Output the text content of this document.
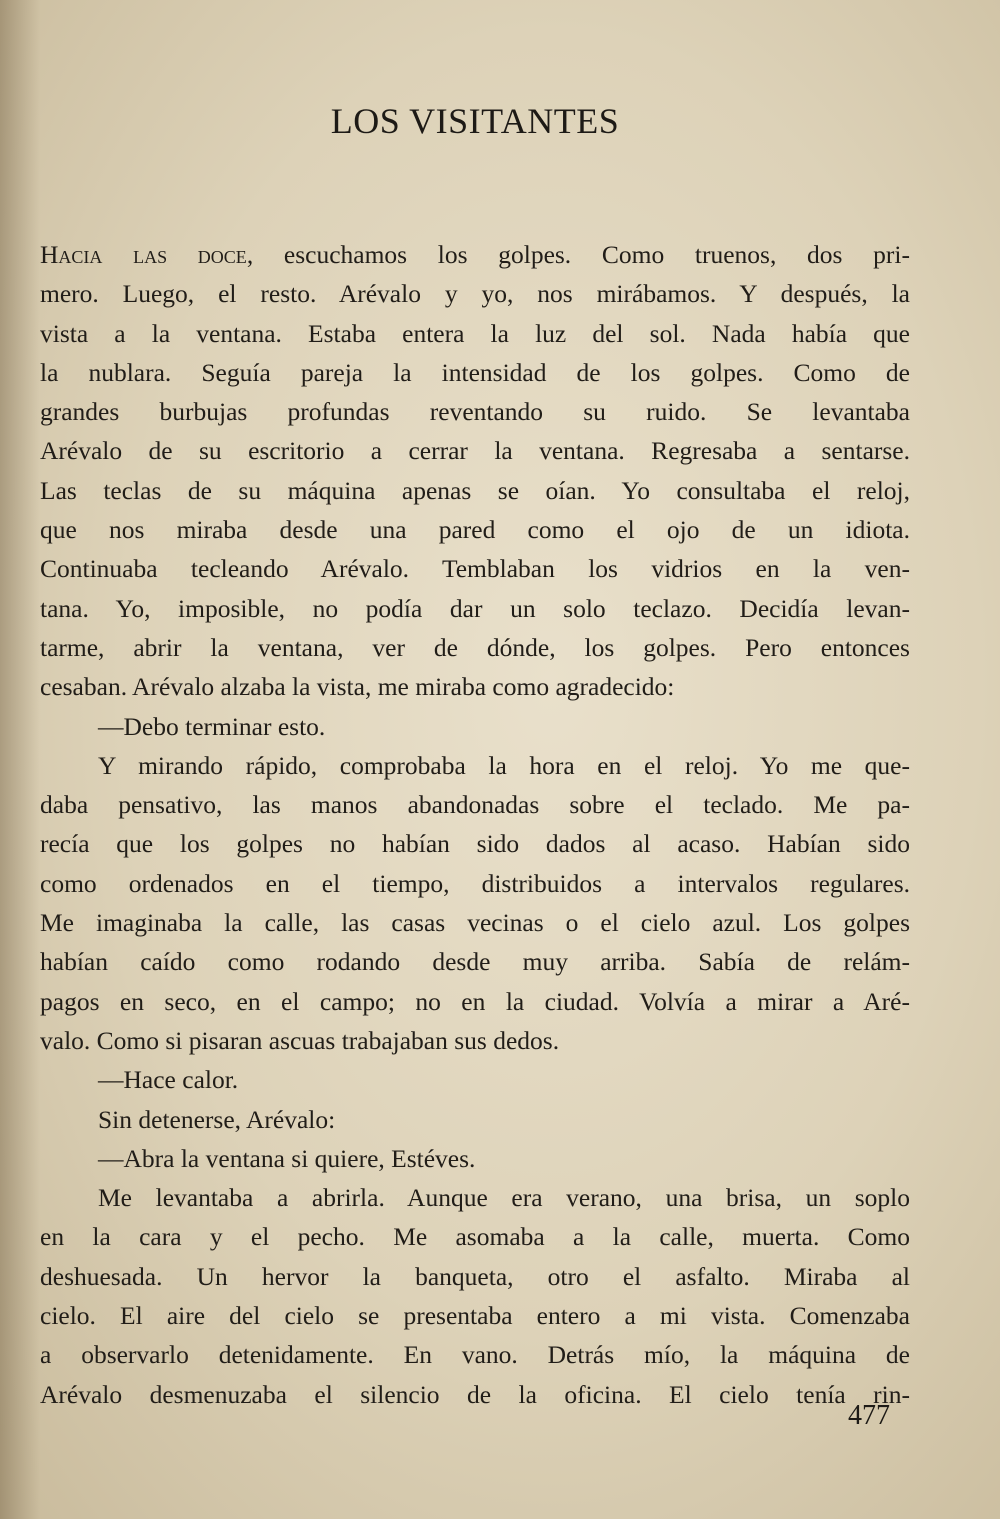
LOS VISITANTES
Hacia las doce, escuchamos los golpes. Como truenos, dos pri-
mero. Luego, el resto. Arévalo y yo, nos mirábamos. Y después, la
vista a la ventana. Estaba entera la luz del sol. Nada había que
la nublara. Seguía pareja la intensidad de los golpes. Como de
grandes burbujas profundas reventando su ruido. Se levantaba
Arévalo de su escritorio a cerrar la ventana. Regresaba a sentarse.
Las teclas de su máquina apenas se oían. Yo consultaba el reloj,
que nos miraba desde una pared como el ojo de un idiota.
Continuaba tecleando Arévalo. Temblaban los vidrios en la ven-
tana. Yo, imposible, no podía dar un solo teclazo. Decidía levan-
tarme, abrir la ventana, ver de dónde, los golpes. Pero entonces
cesaban. Arévalo alzaba la vista, me miraba como agradecido:
—Debo terminar esto.
Y mirando rápido, comprobaba la hora en el reloj. Yo me que-
daba pensativo, las manos abandonadas sobre el teclado. Me pa-
recía que los golpes no habían sido dados al acaso. Habían sido
como ordenados en el tiempo, distribuidos a intervalos regulares.
Me imaginaba la calle, las casas vecinas o el cielo azul. Los golpes
habían caído como rodando desde muy arriba. Sabía de relám-
pagos en seco, en el campo; no en la ciudad. Volvía a mirar a Aré-
valo. Como si pisaran ascuas trabajaban sus dedos.
—Hace calor.
Sin detenerse, Arévalo:
—Abra la ventana si quiere, Estéves.
Me levantaba a abrirla. Aunque era verano, una brisa, un soplo
en la cara y el pecho. Me asomaba a la calle, muerta. Como
deshuesada. Un hervor la banqueta, otro el asfalto. Miraba al
cielo. El aire del cielo se presentaba entero a mi vista. Comenzaba
a observarlo detenidamente. En vano. Detrás mío, la máquina de
Arévalo desmenuzaba el silencio de la oficina. El cielo tenía rin-
477
